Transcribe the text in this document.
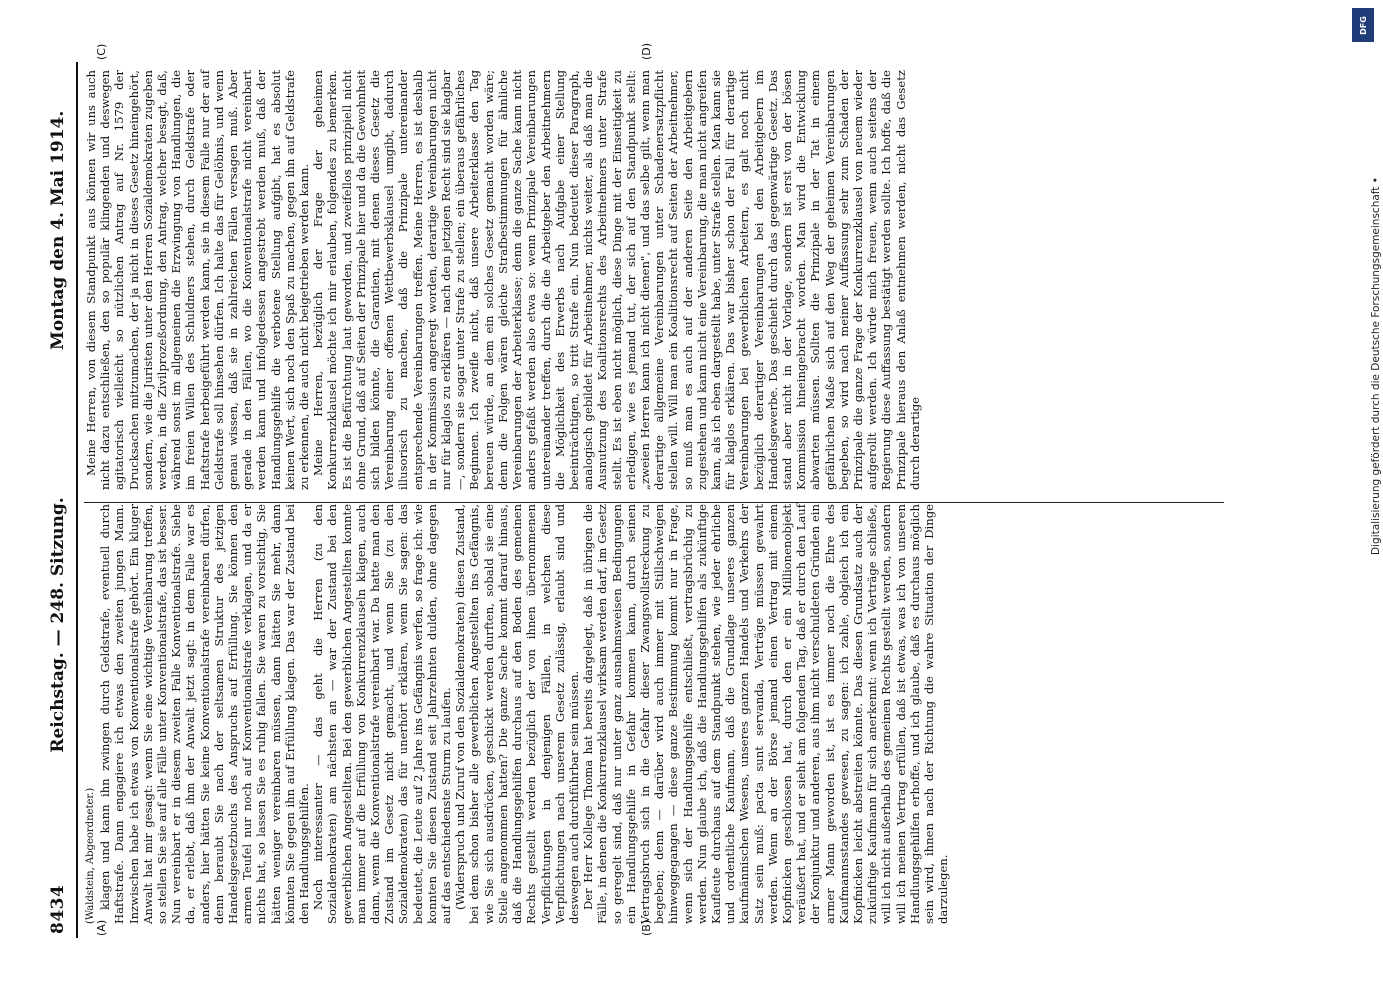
8434
Reichstag. — 248. Sitzung.
Montag den 4. Mai 1914.
(A)	(B)
(C)	(D)

(Waldstein, Abgeordneter.) klagen und kann ihn zwingen durch Geldstrafe, eventuell durch Haftstrafe. Dann engagiere ich etwas den zweiten jungen Mann. Inzwischen habe ich etwas von Konventionalstrafe gehört. Ein kluger Anwalt hat mir gesagt: wenn Sie eine wichtige Vereinbarung treffen, so stellen Sie sie auf alle Fälle unter Konventionalstrafe, das ist besser. Nun vereinbart er in diesem zweiten Falle Konventionalstrafe. Siehe da, er erlebt, daß ihm der Anwalt jetzt sagt: in dem Falle war es anders, hier hätten Sie keine Konventionalstrafe vereinbaren dürfen, denn beraubt Sie nach der seltsamen Struktur des jetzigen Handelsgesetzbuchs des Anspruchs auf Erfüllung. Sie können den armen Teufel nur noch auf Konventionalstrafe verklagen, und da er nichts hat, so lassen Sie es ruhig fallen. Sie waren zu vorsichtig, Sie hätten weniger vereinbaren müssen, dann hätten Sie mehr, dann könnten Sie gegen ihn auf Erfüllung klagen. Das war der Zustand bei den Handlungsgehilfen. Noch interessanter — das geht die Herren (zu den Sozialdemokraten) am nächsten an — war der Zustand bei den gewerblichen Angestellten. Bei den gewerblichen Angestellten konnte man immer auf die Erfüllung von Konkurrenzklauseln klagen, auch dann, wenn die Konventionalstrafe vereinbart war. Da hatte man den Zustand im Gesetz nicht gemacht, und wenn Sie (zu den Sozialdemokraten) das für unerhört erklären, wenn Sie sagen: das bedeutet, die Leute auf 2 Jahre ins Gefängnis werfen, so frage ich: wie konnten Sie diesen Zustand seit Jahrzehnten dulden, ohne dagegen auf das entschiedenste Sturm zu laufen. (Widerspruch und Zuruf von den Sozialdemokraten) diesen Zustand, bei dem schon bisher alle gewerblichen Angestellten ins Gefängnis, wie Sie sich ausdrücken, geschickt werden durften, sobald sie eine Stelle angenommen hatten? Die ganze Sache kommt darauf hinaus, daß die Handlungsgehilfen durchaus auf den Boden des gemeinen Rechts gestellt werden bezüglich der von ihnen übernommenen Verpflichtungen in denjenigen Fällen, in welchen diese Verpflichtungen nach unserem Gesetz zulässig, erlaubt sind und deswegen auch durchführbar sein müssen. Der Herr Kollege Thoma hat bereits dargelegt, daß in übrigen die Fälle, in denen die Konkurrenzklausel wirksam werden darf, im Gesetz so geregelt sind, daß nur unter ganz ausnahmsweisen Bedingungen ein Handlungsgehilfe in Gefahr kommen kann, durch seinen Vertragsbruch sich in die Gefahr dieser Zwangsvollstreckung zu begeben; denn — darüber wird auch immer mit Stillschweigen hinweggegangen — diese ganze Bestimmung kommt nur in Frage, wenn sich der Handlungsgehilfe entschließt, vertragsbrüchig zu werden. Nun glaube ich, daß die Handlungsgehilfen als zukünftige Kaufleute durchaus auf dem Standpunkt stehen, wie jeder ehrliche und ordentliche Kaufmann, daß die Grundlage unseres ganzen kaufmännischen Wesens, unseres ganzen Handels und Verkehrs der Satz sein muß: pacta sunt servanda, Verträge müssen gewahrt werden. Wenn an der Börse jemand einen Vertrag mit einem Kopfnicken geschlossen hat, durch den er ein Millionenobjekt veräußert hat, und er sieht am folgenden Tag, daß er durch den Lauf der Konjunktur und anderen, aus ihm nicht verschuldeten Gründen ein armer Mann geworden ist, ist es immer noch die Ehre des Kaufmannsstandes gewesen, zu sagen: ich zahle, obgleich ich ein Kopfnicken leicht abstreiten könnte. Das diesen Grundsatz auch der zukünftige Kaufmann für sich anerkennt: wenn ich Verträge schließe, will ich nicht außerhalb des gemeinen Rechts gestellt werden, sondern will ich meinen Vertrag erfüllen, daß ist etwas, was ich von unseren Handlungsgehilfen erhoffe, und ich glaube, daß es durchaus möglich sein wird, ihnen nach der Richtung die wahre Situation der Dinge darzulegen.

Meine Herren, von diesem Standpunkt aus können wir uns auch nicht dazu entschließen, den so populär klingenden und deswegen agitatorisch vielleicht so nützlichen Antrag auf Nr. 1579 der Drucksachen mitzumachen, der ja nicht in dieses Gesetz hineingehört, sondern, wie die Juristen unter den Herren Sozialdemokraten zugeben werden, in die Zivilprozeßordnung, den Antrag, welcher besagt, daß, während sonst im allgemeinen die Erzwingung von Handlungen, die im freien Willen des Schuldners stehen, durch Geldstrafe oder Haftstrafe herbeigeführt werden kann, sie in diesem Falle nur der auf Geldstrafe soll hinsehen dürfen. Ich halte das für Gelöbnis, und wenn genau wissen, daß sie in zahlreichen Fällen versagen muß. Aber gerade in den Fällen, wo die Konventionalstrafe nicht vereinbart werden kann und infolgedessen angestrebt werden muß, daß der Handlungsgehilfe die verbotene Stellung aufgibt, hat es absolut keinen Wert, sich noch den Spaß zu machen, gegen ihn auf Geldstrafe zu erkennen, die auch nicht beigetrieben werden kann. Meine Herren, bezüglich der Frage der geheimen Konkurrenzklausel möchte ich mir erlauben, folgendes zu bemerken. Es ist die Befürchtung laut geworden, und zweifellos prinzipiell nicht ohne Grund, daß auf Seiten der Prinzipale hier und da die Gewohnheit sich bilden könnte, die Garantien, mit denen dieses Gesetz die Vereinbarung einer offenen Wettbewerbsklausel umgibt, dadurch illusorisch zu machen, daß die Prinzipale untereinander entsprechende Vereinbarungen treffen. Meine Herren, es ist deshalb in der Kommission angeregt worden, derartige Vereinbarungen nicht nur für klaglos zu erklären — nach dem jetzigen Recht sind sie klagbar —, sondern sie sogar unter Strafe zu stellen; ein überaus gefährliches Beginnen. Ich zweifle nicht, daß unsere Arbeiterklasse den Tag bereuen würde, an dem ein solches Gesetz gemacht worden wäre; denn die Folgen wären gleiche Strafbestimmungen für ähnliche Vereinbarungen der Arbeiterklasse; denn die ganze Sache kann nicht anders gefaßt werden also etwa so: wenn Prinzipale Vereinbarungen untereinander treffen, durch die die Arbeitgeber den Arbeitnehmern die Möglichkeit des Erwerbs nach Aufgabe einer Stellung beeinträchtigen, so tritt Strafe ein. Nun bedeutet dieser Paragraph, analogisch gebildet für Arbeitnehmer, nichts weiter, als daß man die Ausnutzung des Koalitionsrechts des Arbeitnehmers unter Strafe stellt. Es ist eben nicht möglich, diese Dinge mit der Einseitigkeit zu erledigen, wie es jemand tut, der sich auf den Standpunkt stellt: „zweien Herren kann ich nicht dienen", und das selbe gilt, wenn man derartige allgemeine Vereinbarungen unter Schadenersatzpflicht stellen will. Will man ein Koalitionsrecht auf Seiten der Arbeitnehmer, so muß man es auch auf der anderen Seite den Arbeitgebern zugestehen und kann nicht eine Vereinbarung, die man nicht angreifen kann, als ich eben dargestellt habe, unter Strafe stellen. Man kann sie für klaglos erklären. Das war bisher schon der Fall für derartige Vereinbarungen bei gewerblichen Arbeitern, es galt noch nicht bezüglich derartiger Vereinbarungen bei den Arbeitgebern im Handelsgewerbe. Das geschieht durch das gegenwärtige Gesetz. Das stand aber nicht in der Vorlage, sondern ist erst von der bösen Kommission hineingebracht worden. Man wird die Entwicklung abwarten müssen. Sollten die Prinzipale in der Tat in einem gefährlichen Maße sich auf den Weg der geheimen Vereinbarungen begeben, so wird nach meiner Auffassung sehr zum Schaden der Prinzipale die ganze Frage der Konkurrenzklausel von neuem wieder aufgerollt werden. Ich würde mich freuen, wenn auch seitens der Regierung diese Auffassung bestätigt werden sollte. Ich hoffe, daß die Prinzipale hieraus den Anlaß entnehmen werden, nicht das Gesetz durch derartige

DFG
Digitalisierung gefördert durch die Deutsche Forschungsgemeinschaft •
